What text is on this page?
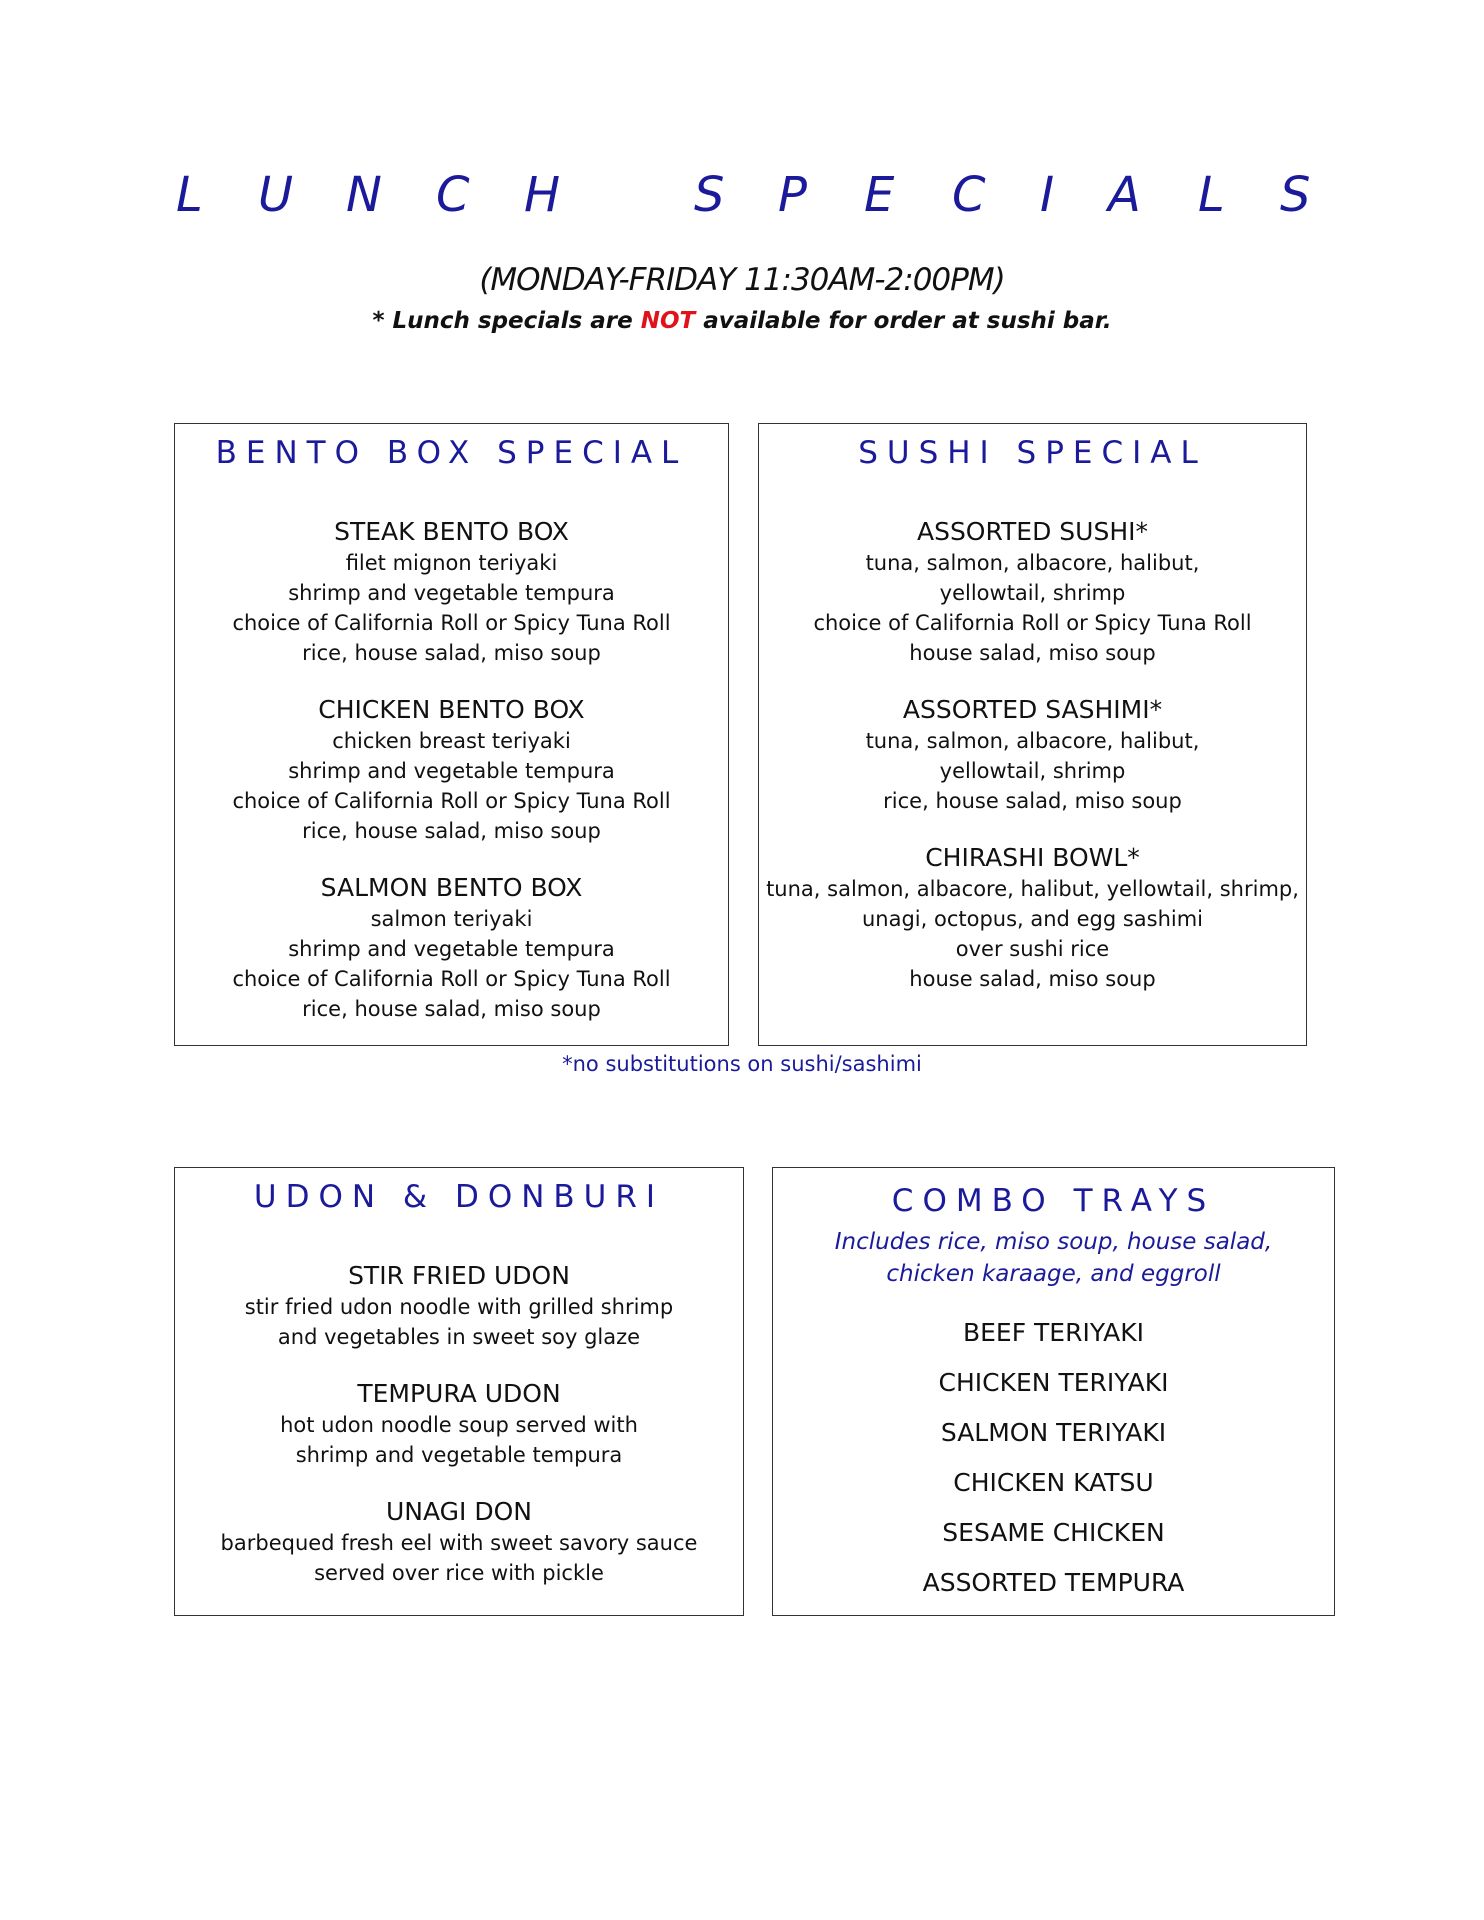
L U N C H	S P E C I A L S
(MONDAY-FRIDAY 11:30AM-2:00PM)
* Lunch specials are NOT available for order at sushi bar.
BENTO BOX SPECIAL
STEAK BENTO BOX
filet mignon teriyaki
shrimp and vegetable tempura
choice of California Roll or Spicy Tuna Roll
rice, house salad, miso soup
CHICKEN BENTO BOX
chicken breast teriyaki
shrimp and vegetable tempura
choice of California Roll or Spicy Tuna Roll
rice, house salad, miso soup
SALMON BENTO BOX
salmon teriyaki
shrimp and vegetable tempura
choice of California Roll or Spicy Tuna Roll
rice, house salad, miso soup
SUSHI SPECIAL
ASSORTED SUSHI*
tuna, salmon, albacore, halibut,
yellowtail, shrimp
choice of California Roll or Spicy Tuna Roll
house salad, miso soup
ASSORTED SASHIMI*
tuna, salmon, albacore, halibut,
yellowtail, shrimp
rice, house salad, miso soup
CHIRASHI BOWL*
tuna, salmon, albacore, halibut, yellowtail, shrimp,
unagi, octopus, and egg sashimi
over sushi rice
house salad, miso soup
*no substitutions on sushi/sashimi
UDON & DONBURI
STIR FRIED UDON
stir fried udon noodle with grilled shrimp
and vegetables in sweet soy glaze
TEMPURA UDON
hot udon noodle soup served with
shrimp and vegetable tempura
UNAGI DON
barbequed fresh eel with sweet savory sauce
served over rice with pickle
COMBO TRAYS
Includes rice, miso soup, house salad,
chicken karaage, and eggroll
BEEF TERIYAKI
CHICKEN TERIYAKI
SALMON TERIYAKI
CHICKEN KATSU
SESAME CHICKEN
ASSORTED TEMPURA
